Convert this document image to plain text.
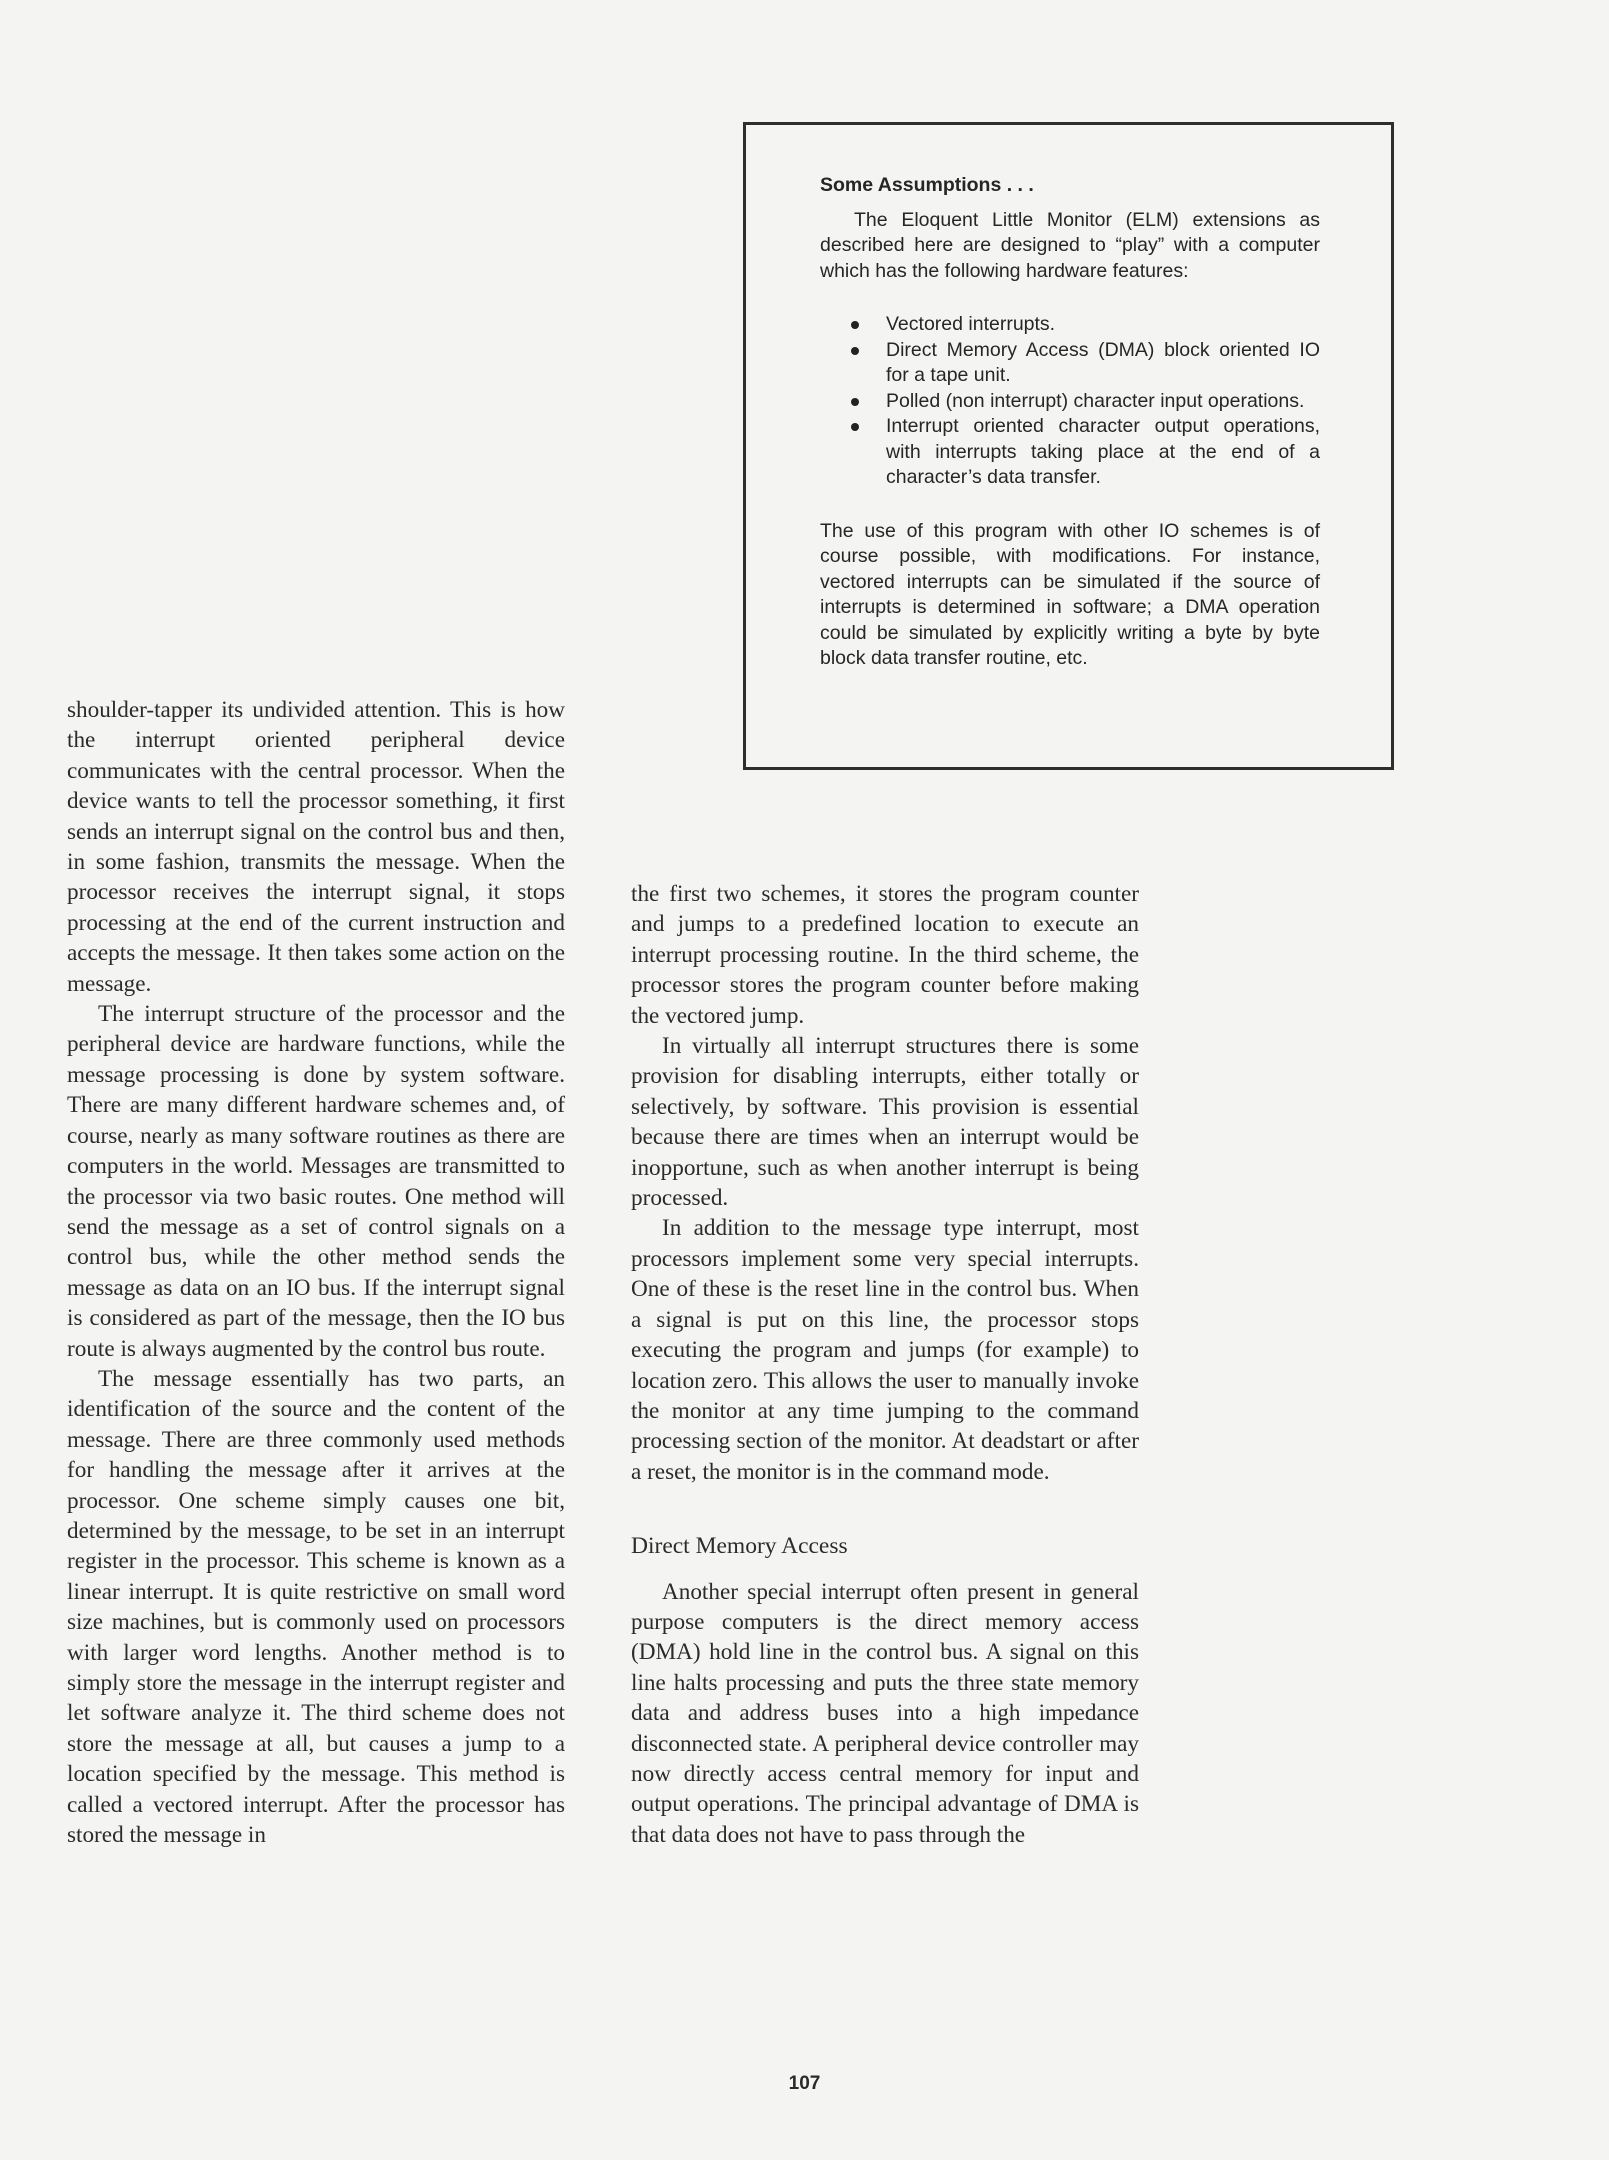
Some Assumptions . . .

The Eloquent Little Monitor (ELM) extensions as described here are designed to “play” with a computer which has the following hardware features:

Vectored interrupts.
Direct Memory Access (DMA) block oriented IO for a tape unit.
Polled (non interrupt) character input operations.
Interrupt oriented character output operations, with interrupts taking place at the end of a character’s data transfer.

The use of this program with other IO schemes is of course possible, with modifications. For instance, vectored interrupts can be simulated if the source of interrupts is determined in software; a DMA operation could be simulated by explicitly writing a byte by byte block data transfer routine, etc.

shoulder-tapper its undivided attention. This is how the interrupt oriented peripheral device communicates with the central processor. When the device wants to tell the processor something, it first sends an interrupt signal on the control bus and then, in some fashion, transmits the message. When the processor receives the interrupt signal, it stops processing at the end of the current instruction and accepts the message. It then takes some action on the message.

The interrupt structure of the processor and the peripheral device are hardware functions, while the message processing is done by system software. There are many different hardware schemes and, of course, nearly as many software routines as there are computers in the world. Messages are transmitted to the processor via two basic routes. One method will send the message as a set of control signals on a control bus, while the other method sends the message as data on an IO bus. If the interrupt signal is considered as part of the message, then the IO bus route is always augmented by the control bus route.

The message essentially has two parts, an identification of the source and the content of the message. There are three commonly used methods for handling the message after it arrives at the processor. One scheme simply causes one bit, determined by the message, to be set in an interrupt register in the processor. This scheme is known as a linear interrupt. It is quite restrictive on small word size machines, but is commonly used on processors with larger word lengths. Another method is to simply store the message in the interrupt register and let software analyze it. The third scheme does not store the message at all, but causes a jump to a location specified by the message. This method is called a vectored interrupt. After the processor has stored the message in

the first two schemes, it stores the program counter and jumps to a predefined location to execute an interrupt processing routine. In the third scheme, the processor stores the program counter before making the vectored jump.

In virtually all interrupt structures there is some provision for disabling interrupts, either totally or selectively, by software. This provision is essential because there are times when an interrupt would be inopportune, such as when another interrupt is being processed.

In addition to the message type interrupt, most processors implement some very special interrupts. One of these is the reset line in the control bus. When a signal is put on this line, the processor stops executing the program and jumps (for example) to location zero. This allows the user to manually invoke the monitor at any time jumping to the command processing section of the monitor. At deadstart or after a reset, the monitor is in the command mode.

Direct Memory Access

Another special interrupt often present in general purpose computers is the direct memory access (DMA) hold line in the control bus. A signal on this line halts processing and puts the three state memory data and address buses into a high impedance disconnected state. A peripheral device controller may now directly access central memory for input and output operations. The principal advantage of DMA is that data does not have to pass through the

107
